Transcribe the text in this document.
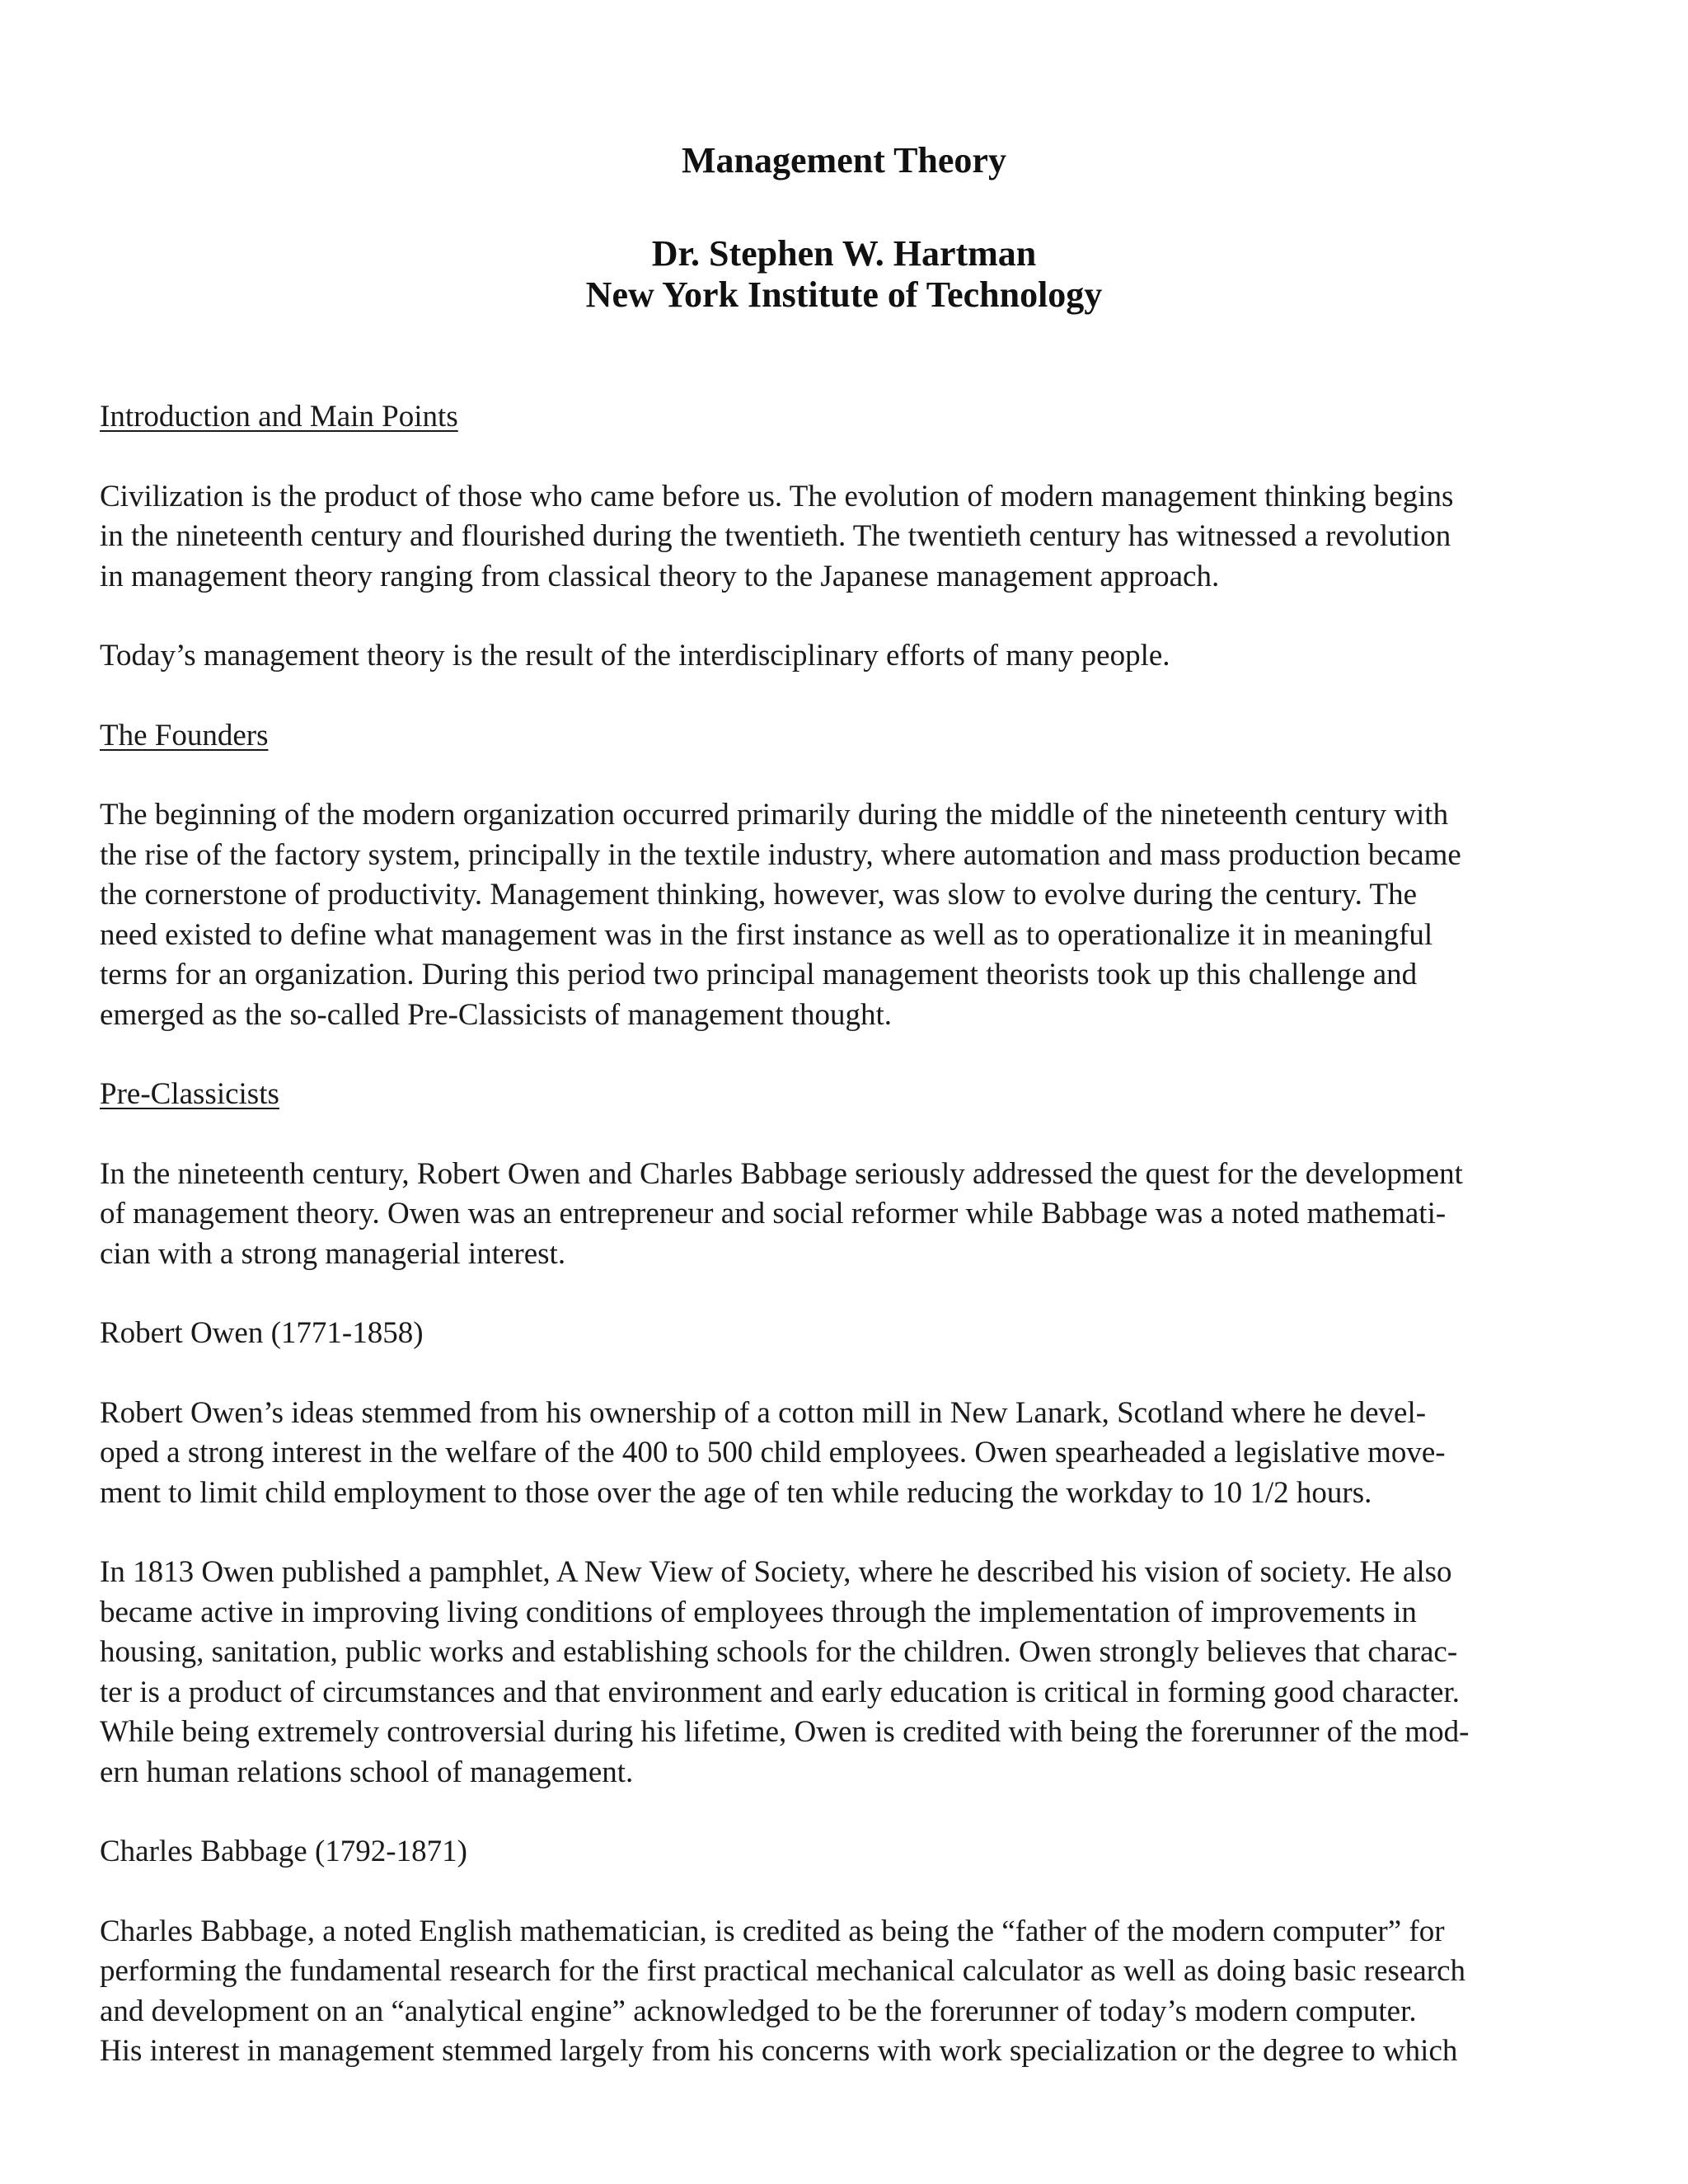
Management Theory
Dr. Stephen W. Hartman
New York Institute of Technology

Introduction and Main Points

Civilization is the product of those who came before us. The evolution of modern management thinking begins
in the nineteenth century and flourished during the twentieth. The twentieth century has witnessed a revolution
in management theory ranging from classical theory to the Japanese management approach.

Today’s management theory is the result of the interdisciplinary efforts of many people.

The Founders

The beginning of the modern organization occurred primarily during the middle of the nineteenth century with
the rise of the factory system, principally in the textile industry, where automation and mass production became
the cornerstone of productivity. Management thinking, however, was slow to evolve during the century. The
need existed to define what management was in the first instance as well as to operationalize it in meaningful
terms for an organization. During this period two principal management theorists took up this challenge and
emerged as the so-called Pre-Classicists of management thought.

Pre-Classicists

In the nineteenth century, Robert Owen and Charles Babbage seriously addressed the quest for the development
of management theory. Owen was an entrepreneur and social reformer while Babbage was a noted mathemati-
cian with a strong managerial interest.

Robert Owen (1771-1858)

Robert Owen’s ideas stemmed from his ownership of a cotton mill in New Lanark, Scotland where he devel-
oped a strong interest in the welfare of the 400 to 500 child employees. Owen spearheaded a legislative move-
ment to limit child employment to those over the age of ten while reducing the workday to 10 1/2 hours.

In 1813 Owen published a pamphlet, A New View of Society, where he described his vision of society. He also
became active in improving living conditions of employees through the implementation of improvements in
housing, sanitation, public works and establishing schools for the children. Owen strongly believes that charac-
ter is a product of circumstances and that environment and early education is critical in forming good character.
While being extremely controversial during his lifetime, Owen is credited with being the forerunner of the mod-
ern human relations school of management.

Charles Babbage (1792-1871)

Charles Babbage, a noted English mathematician, is credited as being the “father of the modern computer” for
performing the fundamental research for the first practical mechanical calculator as well as doing basic research
and development on an “analytical engine” acknowledged to be the forerunner of today’s modern computer.
His interest in management stemmed largely from his concerns with work specialization or the degree to which
